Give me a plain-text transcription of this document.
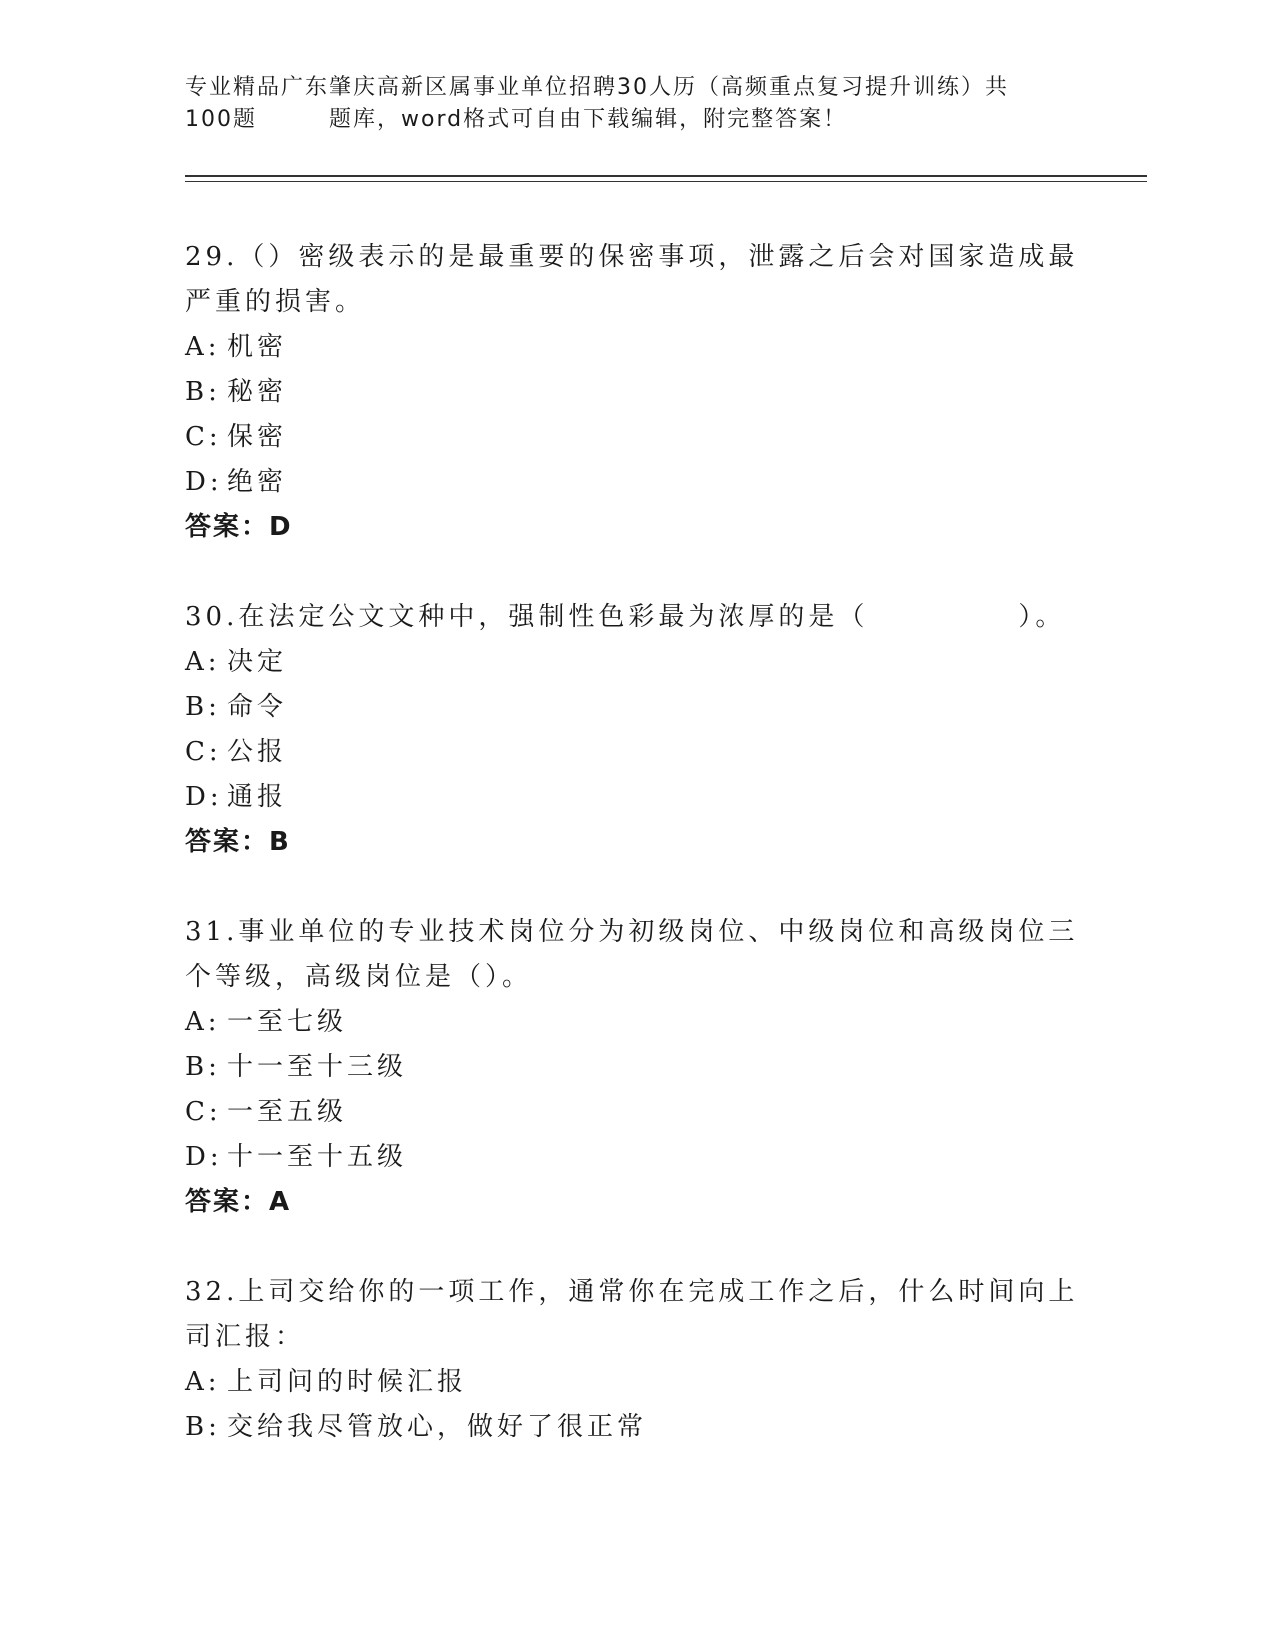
专业精品广东肇庆高新区属事业单位招聘30人历（高频重点复习提升训练）共
100题	题库，word格式可自由下载编辑，附完整答案！
29.（）密级表示的是最重要的保密事项，泄露之后会对国家造成最严重的损害。
A: 机密
B: 秘密
C: 保密
D: 绝密
答案：D
30.在法定公文文种中，强制性色彩最为浓厚的是（　　　　　）。
A: 决定
B: 命令
C: 公报
D: 通报
答案：B
31.事业单位的专业技术岗位分为初级岗位、中级岗位和高级岗位三个等级，高级岗位是（）。
A: 一至七级
B: 十一至十三级
C: 一至五级
D: 十一至十五级
答案：A
32.上司交给你的一项工作，通常你在完成工作之后，什么时间向上司汇报：
A: 上司问的时候汇报
B: 交给我尽管放心，做好了很正常
